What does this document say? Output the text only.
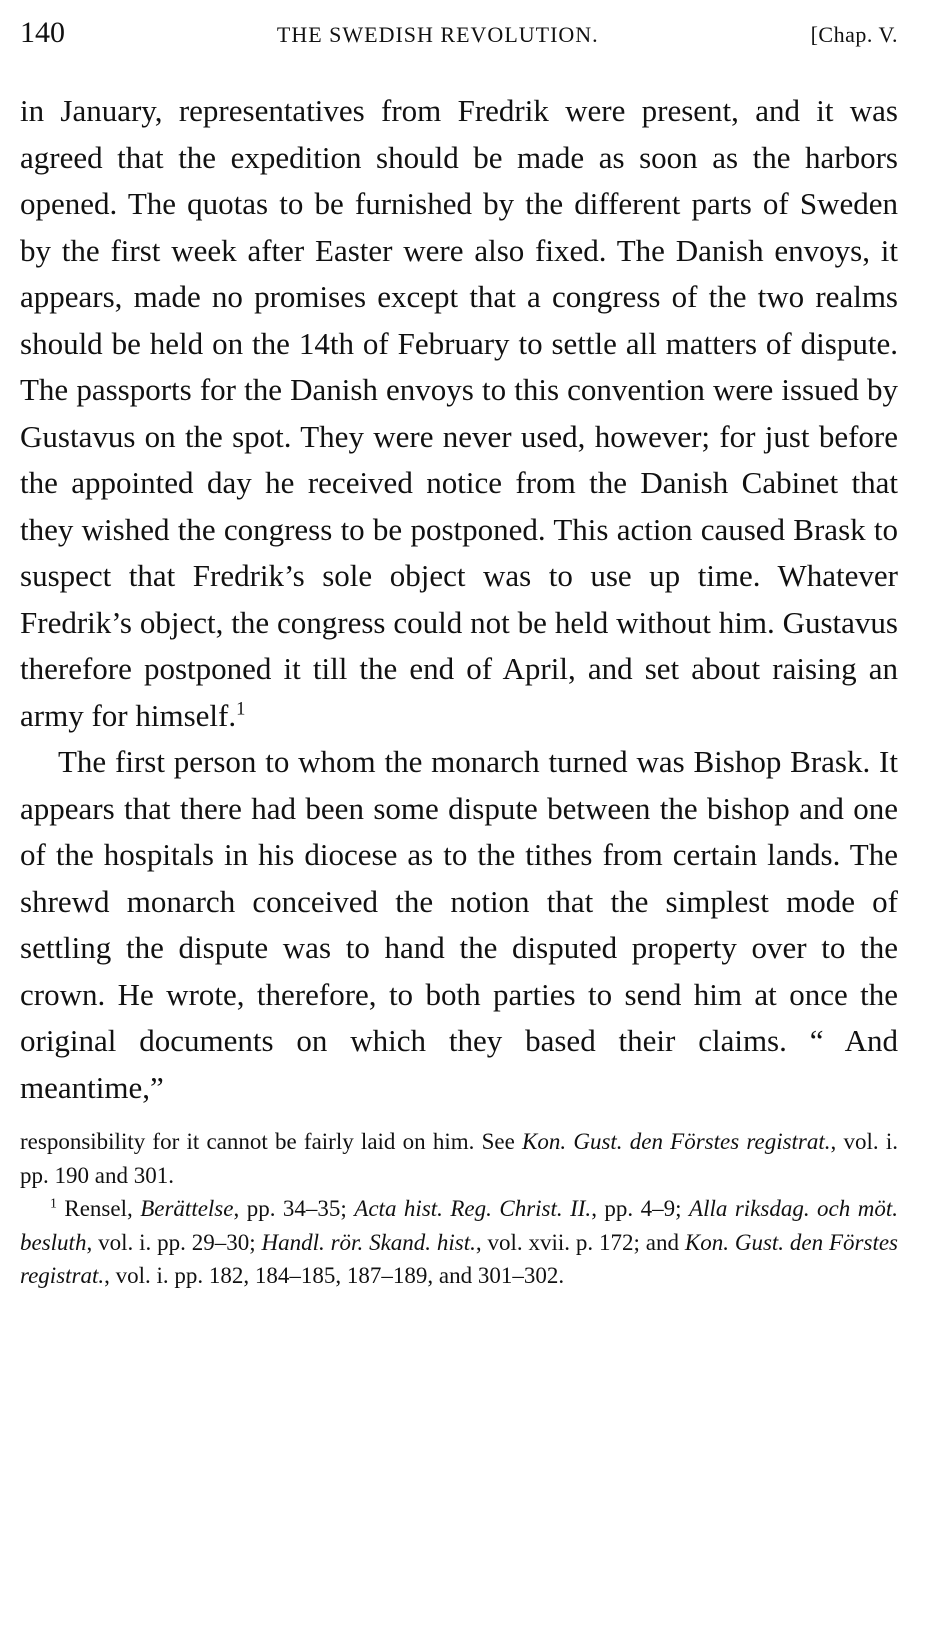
140	THE SWEDISH REVOLUTION.	[Chap. V.

in January, representatives from Fredrik were present, and it was agreed that the expedition should be made as soon as the harbors opened. The quotas to be furnished by the different parts of Sweden by the first week after Easter were also fixed. The Danish envoys, it appears, made no promises except that a congress of the two realms should be held on the 14th of February to settle all matters of dispute. The passports for the Danish envoys to this convention were issued by Gustavus on the spot. They were never used, however; for just before the appointed day he received notice from the Danish Cabinet that they wished the congress to be postponed. This action caused Brask to suspect that Fredrik’s sole object was to use up time. Whatever Fredrik’s object, the congress could not be held without him. Gustavus therefore postponed it till the end of April, and set about raising an army for himself.$^1$

The first person to whom the monarch turned was Bishop Brask. It appears that there had been some dispute between the bishop and one of the hospitals in his diocese as to the tithes from certain lands. The shrewd monarch conceived the notion that the simplest mode of settling the dispute was to hand the disputed property over to the crown. He wrote, therefore, to both parties to send him at once the original documents on which they based their claims. “ And meantime,”

responsibility for it cannot be fairly laid on him. See Kon. Gust. den Förstes registrat., vol. i. pp. 190 and 301.

$^1$ Rensel, Berättelse, pp. 34–35; Acta hist. Reg. Christ. II., pp. 4–9; Alla riksdag. och möt. besluth, vol. i. pp. 29–30; Handl. rör. Skand. hist., vol. xvii. p. 172; and Kon. Gust. den Förstes registrat., vol. i. pp. 182, 184–185, 187–189, and 301–302.
